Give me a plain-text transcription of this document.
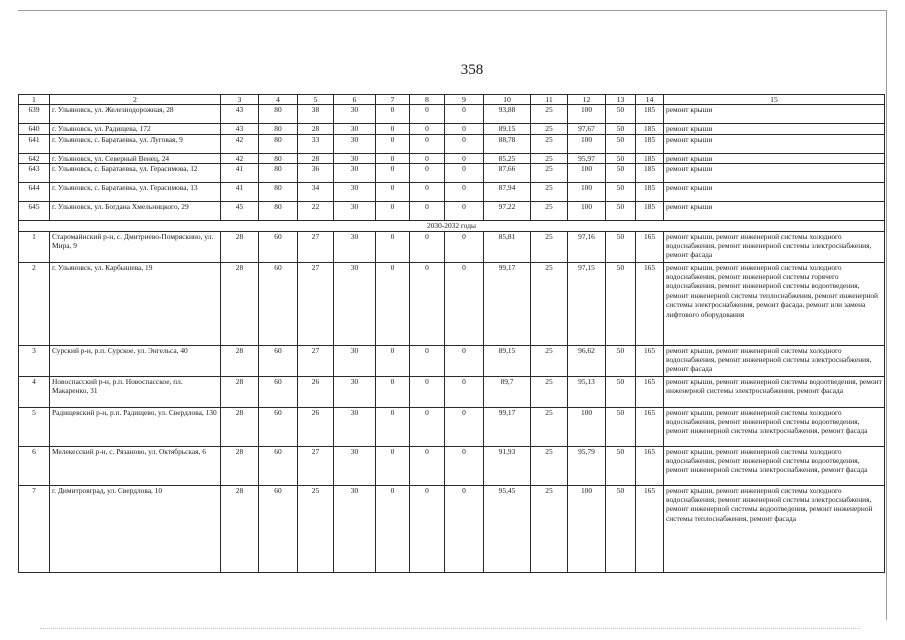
358
1	2	3	4	5	6	7	8	9	10	11	12	13	14	15
639	г. Ульяновск, ул. Железнодорожная, 28	43	80	38	30	0	0	0	93,88	25	100	50	185	ремонт крыши
640	г. Ульяновск, ул. Радищева, 172	43	80	28	30	0	0	0	89,15	25	97,67	50	185	ремонт крыши
641	г. Ульяновск, с. Баратаевка, ул. Луговая, 9	42	80	33	30	0	0	0	88,78	25	100	50	185	ремонт крыши
642	г. Ульяновск, ул. Северный Венец, 24	42	80	28	30	0	0	0	85,25	25	95,97	50	185	ремонт крыши
643	г. Ульяновск, с. Баратаевка, ул. Герасимова, 12	41	80	36	30	0	0	0	87,66	25	100	50	185	ремонт крыши
644	г. Ульяновск, с. Баратаевка, ул. Герасимова, 13	41	80	34	30	0	0	0	87,94	25	100	50	185	ремонт крыши
645	г. Ульяновск, ул. Богдана Хмельницкого, 29	45	80	22	30	0	0	0	97,22	25	100	50	185	ремонт крыши
2030-2032 годы														
1	Старомайнский р-н, с. Дмитриево-Помряскино, ул. Мира, 9	28	60	27	30	0	0	0	85,81	25	97,16	50	165	ремонт крыши, ремонт инженерной системы холодного водоснабжения, ремонт инженерной системы электроснабжения, ремонт фасада
2	г. Ульяновск, ул. Карбышева, 19	28	60	27	30	0	0	0	99,17	25	97,15	50	165	ремонт крыши, ремонт инженерной системы холодного водоснабжения, ремонт инженерной системы горячего водоснабжения, ремонт инженерной системы водоотведения, ремонт инженерной системы теплоснабжения, ремонт инженерной системы электроснабжения, ремонт фасада, ремонт или замена лифтового оборудования
3	Сурский р-н, р.п. Сурское, ул. Энгельса, 40	28	60	27	30	0	0	0	89,15	25	96,62	50	165	ремонт крыши, ремонт инженерной системы холодного водоснабжения, ремонт инженерной системы электроснабжения, ремонт фасада
4	Новоспасский р-н, р.п. Новоспасское, пл. Макаренко, 31	28	60	26	30	0	0	0	89,7	25	95,13	50	165	ремонт крыши, ремонт инженерной системы водоотведения, ремонт инженерной системы электроснабжения, ремонт фасада
5	Радищевский р-н, р.п. Радищево, ул. Свердлова, 130	28	60	26	30	0	0	0	99,17	25	100	50	165	ремонт крыши, ремонт инженерной системы холодного водоснабжения, ремонт инженерной системы водоотведения, ремонт инженерной системы электроснабжения, ремонт фасада
6	Мелекесский р-н, с. Рязаново, ул. Октябрьская, 6	28	60	27	30	0	0	0	91,93	25	95,79	50	165	ремонт крыши, ремонт инженерной системы холодного водоснабжения, ремонт инженерной системы водоотведения, ремонт инженерной системы электроснабжения, ремонт фасада
7	г. Димитровград, ул. Свердлова, 10	28	60	25	30	0	0	0	95,45	25	100	50	165	ремонт крыши, ремонт инженерной системы холодного водоснабжения, ремонт инженерной системы электроснабжения, ремонт инженерной системы водоотведения, ремонт инженерной системы теплоснабжения, ремонт фасада
